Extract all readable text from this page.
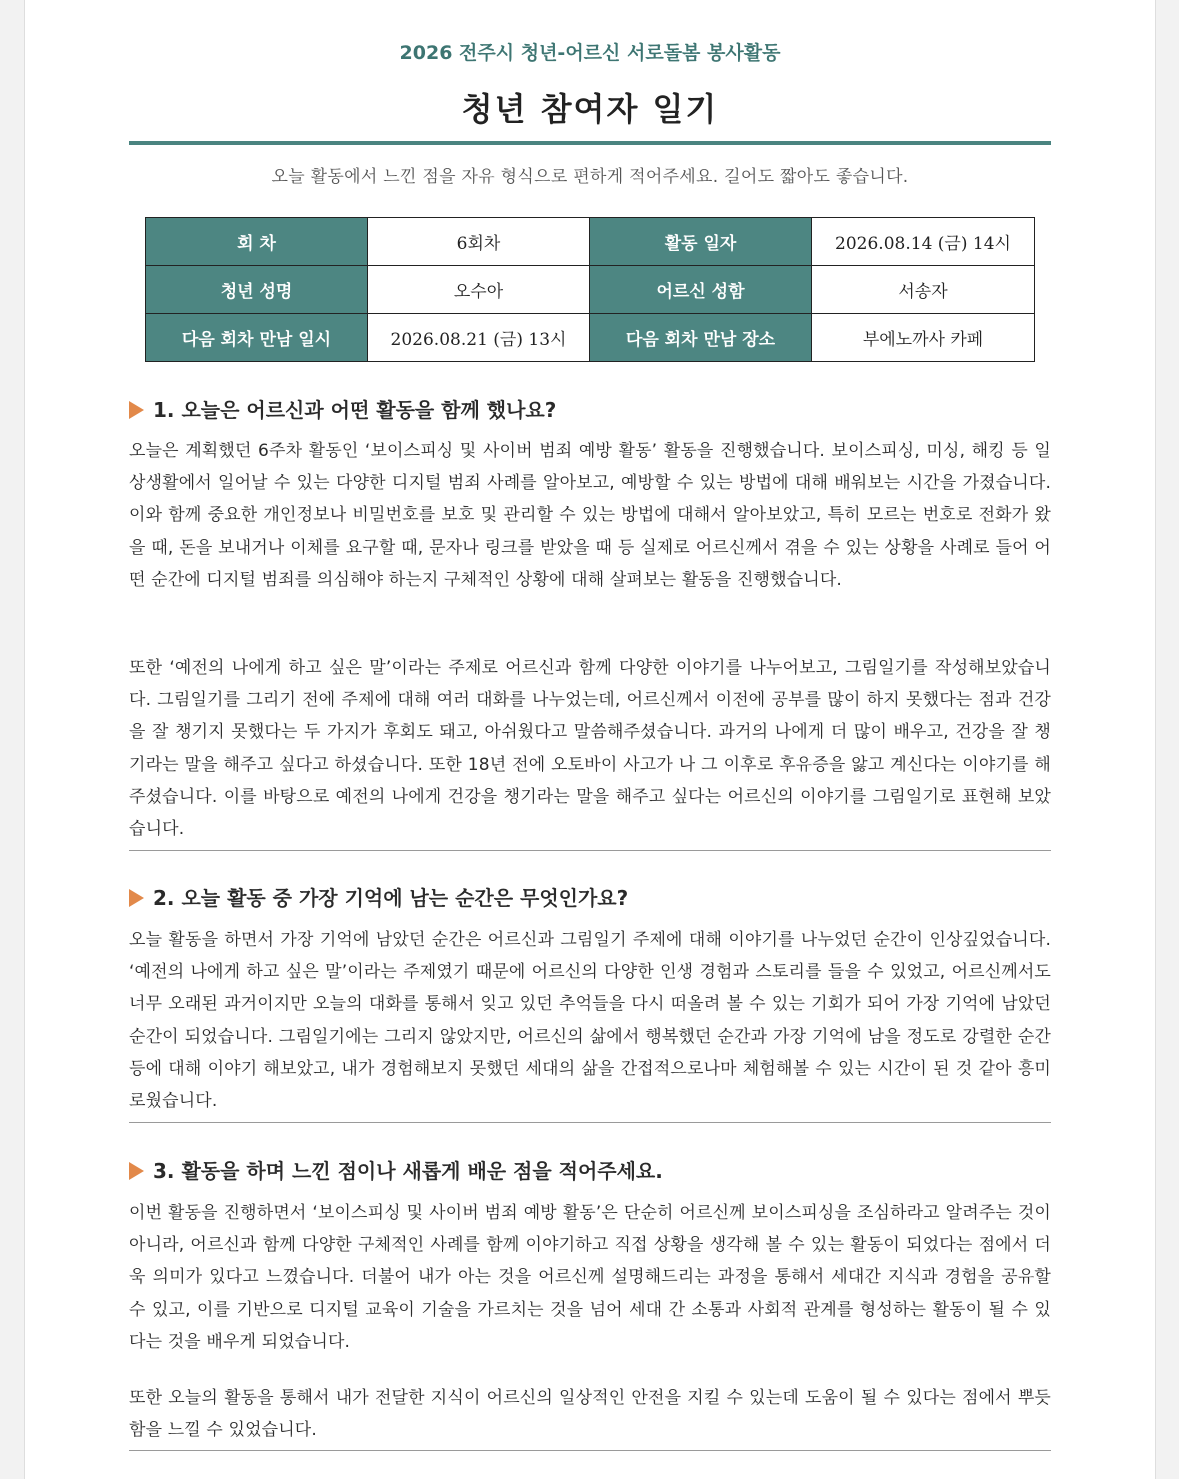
2026 전주시 청년-어르신 서로돌봄 봉사활동
청년 참여자 일기
오늘 활동에서 느낀 점을 자유 형식으로 편하게 적어주세요. 길어도 짧아도 좋습니다.
회 차	6회차	활동 일자	2026.08.14 (금) 14시
청년 성명	오수아	어르신 성함	서송자
다음 회차 만남 일시	2026.08.21 (금) 13시	다음 회차 만남 장소	부에노까사 카페
1. 오늘은 어르신과 어떤 활동을 함께 했나요?

오늘은 계획했던 6주차 활동인 ‘보이스피싱 및 사이버 범죄 예방 활동’ 활동을 진행했습니다. 보이스피싱, 미싱, 해킹 등 일상생활에서 일어날 수 있는 다양한 디지털 범죄 사례를 알아보고, 예방할 수 있는 방법에 대해 배워보는 시간을 가졌습니다. 이와 함께 중요한 개인정보나 비밀번호를 보호 및 관리할 수 있는 방법에 대해서 알아보았고, 특히 모르는 번호로 전화가 왔을 때, 돈을 보내거나 이체를 요구할 때, 문자나 링크를 받았을 때 등 실제로 어르신께서 겪을 수 있는 상황을 사례로 들어 어떤 순간에 디지털 범죄를 의심해야 하는지 구체적인 상황에 대해 살펴보는 활동을 진행했습니다.

또한 ‘예전의 나에게 하고 싶은 말’이라는 주제로 어르신과 함께 다양한 이야기를 나누어보고, 그림일기를 작성해보았습니다. 그림일기를 그리기 전에 주제에 대해 여러 대화를 나누었는데, 어르신께서 이전에 공부를 많이 하지 못했다는 점과 건강을 잘 챙기지 못했다는 두 가지가 후회도 돼고, 아쉬웠다고 말씀해주셨습니다. 과거의 나에게 더 많이 배우고, 건강을 잘 챙기라는 말을 해주고 싶다고 하셨습니다. 또한 18년 전에 오토바이 사고가 나 그 이후로 후유증을 앓고 계신다는 이야기를 해주셨습니다. 이를 바탕으로 예전의 나에게 건강을 챙기라는 말을 해주고 싶다는 어르신의 이야기를 그림일기로 표현해 보았습니다.

2. 오늘 활동 중 가장 기억에 남는 순간은 무엇인가요?

오늘 활동을 하면서 가장 기억에 남았던 순간은 어르신과 그림일기 주제에 대해 이야기를 나누었던 순간이 인상깊었습니다. ‘예전의 나에게 하고 싶은 말’이라는 주제였기 때문에 어르신의 다양한 인생 경험과 스토리를 들을 수 있었고, 어르신께서도 너무 오래된 과거이지만 오늘의 대화를 통해서 잊고 있던 추억들을 다시 떠올려 볼 수 있는 기회가 되어 가장 기억에 남았던 순간이 되었습니다. 그림일기에는 그리지 않았지만, 어르신의 삶에서 행복했던 순간과 가장 기억에 남을 정도로 강렬한 순간 등에 대해 이야기 해보았고, 내가 경험해보지 못했던 세대의 삶을 간접적으로나마 체험해볼 수 있는 시간이 된 것 같아 흥미로웠습니다.

3. 활동을 하며 느낀 점이나 새롭게 배운 점을 적어주세요.

이번 활동을 진행하면서 ‘보이스피싱 및 사이버 범죄 예방 활동’은 단순히 어르신께 보이스피싱을 조심하라고 알려주는 것이 아니라, 어르신과 함께 다양한 구체적인 사례를 함께 이야기하고 직접 상황을 생각해 볼 수 있는 활동이 되었다는 점에서 더욱 의미가 있다고 느꼈습니다. 더불어 내가 아는 것을 어르신께 설명해드리는 과정을 통해서 세대간 지식과 경험을 공유할 수 있고, 이를 기반으로 디지털 교육이 기술을 가르치는 것을 넘어 세대 간 소통과 사회적 관계를 형성하는 활동이 될 수 있다는 것을 배우게 되었습니다.

또한 오늘의 활동을 통해서 내가 전달한 지식이 어르신의 일상적인 안전을 지킬 수 있는데 도움이 될 수 있다는 점에서 뿌듯함을 느낄 수 있었습니다.
